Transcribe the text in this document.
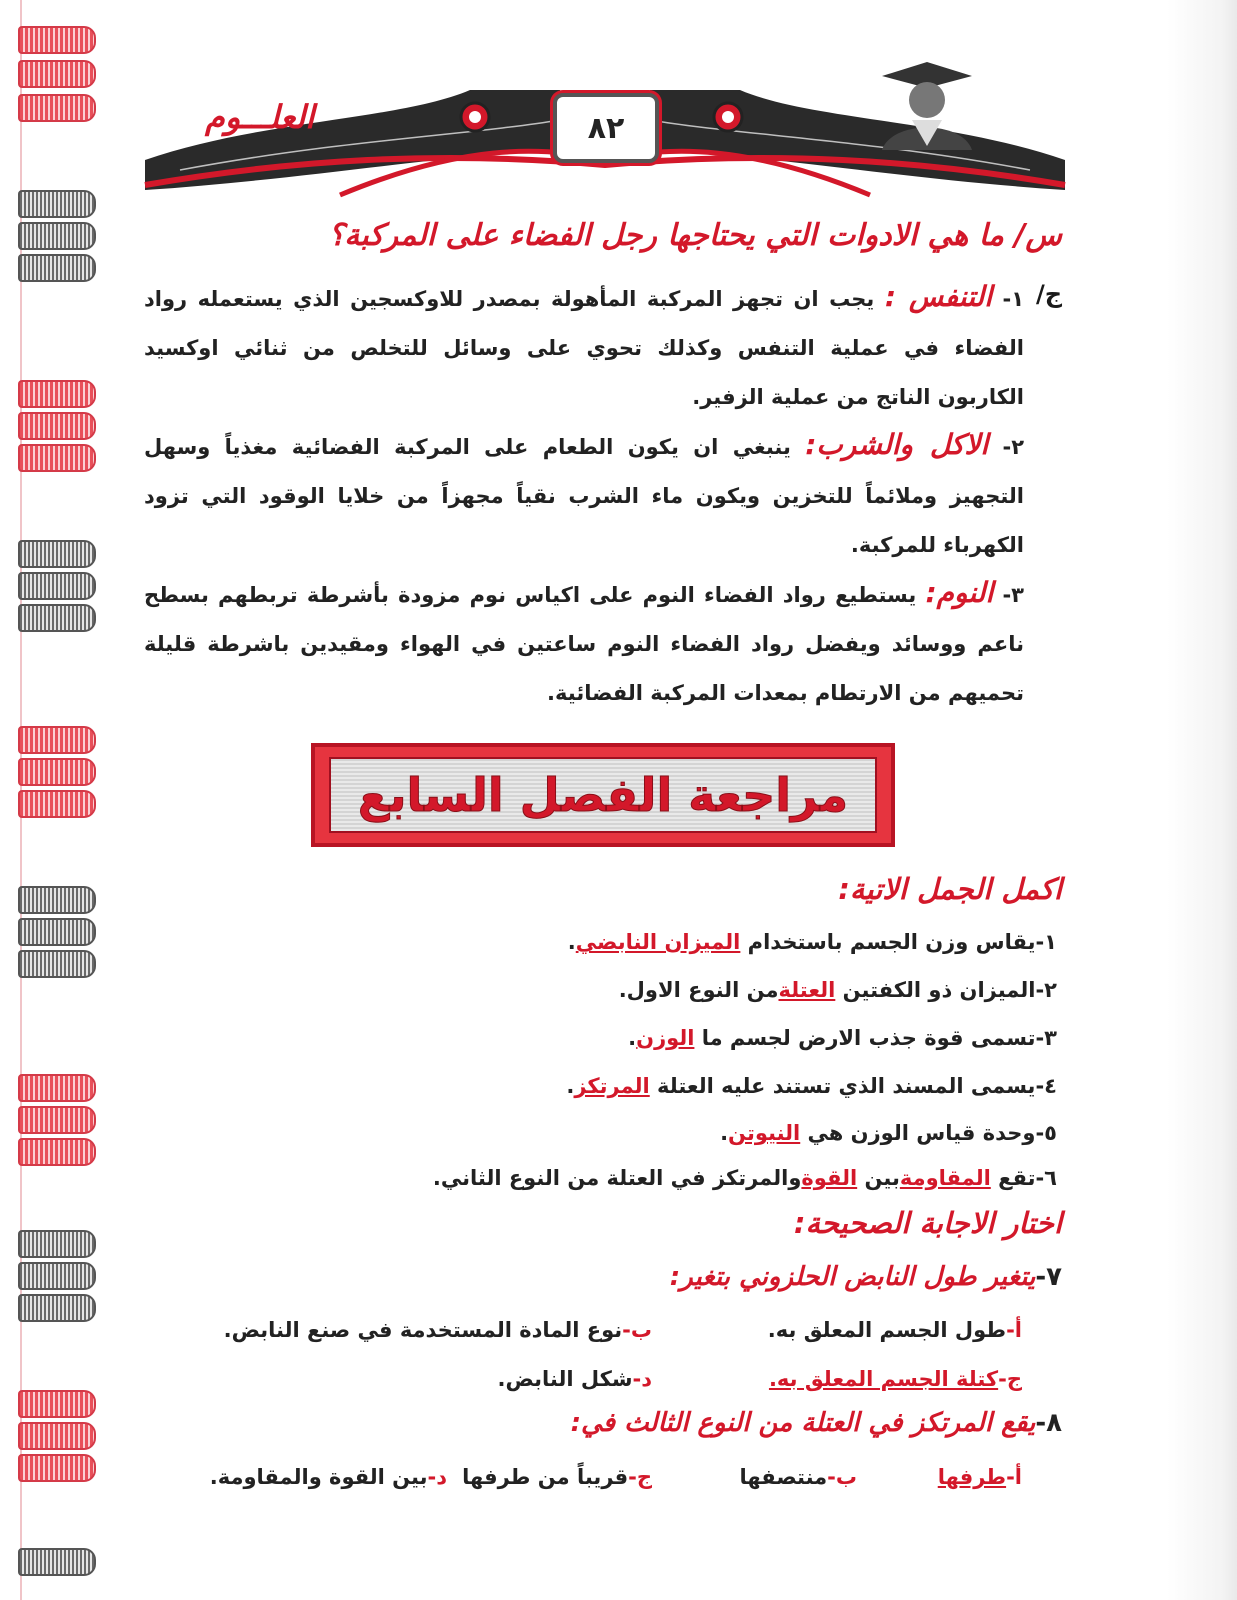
٨٢
العلـــوم
س/ ما هي الادوات التي يحتاجها رجل الفضاء على المركبة؟
ج/
١- التنفس : يجب ان تجهز المركبة المأهولة بمصدر للاوكسجين الذي يستعمله رواد الفضاء في عملية التنفس وكذلك تحوي على وسائل للتخلص من ثنائي اوكسيد الكاربون الناتج من عملية الزفير.
٢- الاكل والشرب: ينبغي ان يكون الطعام على المركبة الفضائية مغذياً وسهل التجهيز وملائماً للتخزين ويكون ماء الشرب نقياً مجهزاً من خلايا الوقود التي تزود الكهرباء للمركبة.
٣- النوم: يستطيع رواد الفضاء النوم على اكياس نوم مزودة بأشرطة تربطهم بسطح ناعم ووسائد ويفضل رواد الفضاء النوم ساعتين في الهواء ومقيدين باشرطة قليلة تحميهم من الارتطام بمعدات المركبة الفضائية.
مراجعة الفصل السابع
اكمل الجمل الاتية:
١-يقاس وزن الجسم باستخدام الميزان النابضي.
٢-الميزان ذو الكفتين العتلةمن النوع الاول.
٣-تسمى قوة جذب الارض لجسم ما الوزن.
٤-يسمى المسند الذي تستند عليه العتلة المرتكز.
٥-وحدة قياس الوزن هي النيوتن.
٦-تقع المقاومةبين القوةوالمرتكز في العتلة من النوع الثاني.
اختار الاجابة الصحيحة:
٧-يتغير طول النابض الحلزوني بتغير:
أ-طول الجسم المعلق به.
ب-نوع المادة المستخدمة في صنع النابض.
ج-كتلة الجسم المعلق به.
د-شكل النابض.
٨-يقع المرتكز في العتلة من النوع الثالث في:
أ-طرفها
ب-منتصفها
ج-قريباً من طرفها
د-بين القوة والمقاومة.
